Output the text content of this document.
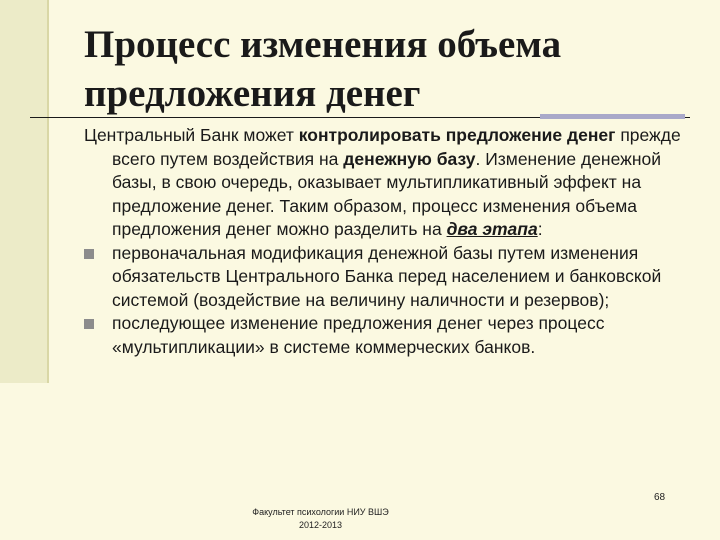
Процесс изменения объема предложения денег

Центральный Банк может контролировать предложение денег прежде всего путем воздействия на денежную базу. Изменение денежной базы, в свою очередь, оказывает мультипликативный эффект на предложение денег. Таким образом, процесс изменения объема предложения денег можно разделить на два этапа:

первоначальная модификация денежной базы путем изменения обязательств Центрального Банка перед населением и банковской системой (воздействие на величину наличности и резервов);

последующее изменение предложения денег через процесс «мультипликации» в системе коммерческих банков.

Факультет психологии НИУ ВШЭ
2012-2013
68
